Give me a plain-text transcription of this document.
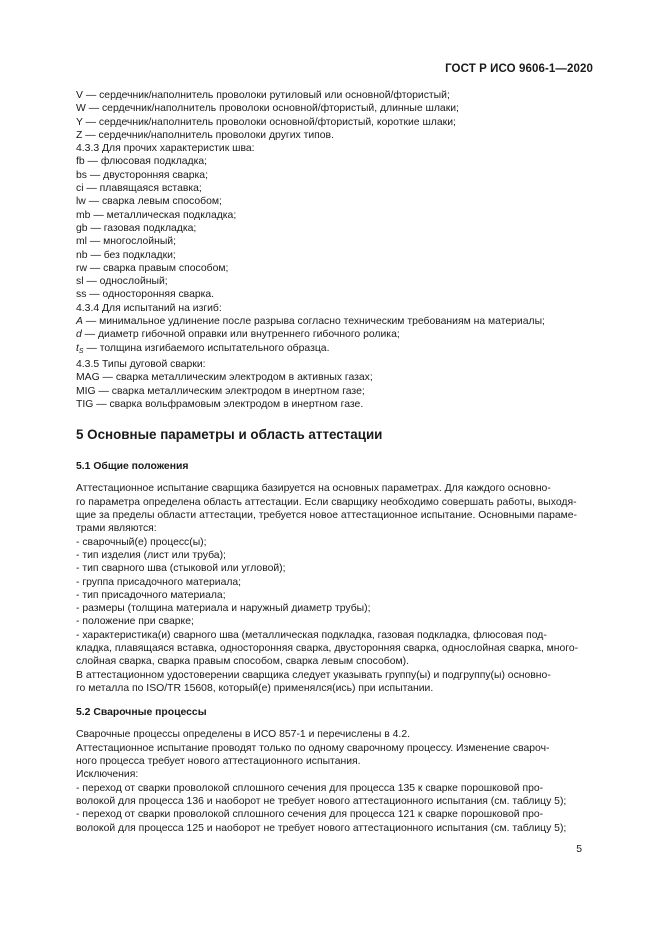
ГОСТ Р ИСО 9606-1—2020
V — сердечник/наполнитель проволоки рутиловый или основной/фтористый;
W — сердечник/наполнитель проволоки основной/фтористый, длинные шлаки;
Y — сердечник/наполнитель проволоки основной/фтористый, короткие шлаки;
Z — сердечник/наполнитель проволоки других типов.
4.3.3 Для прочих характеристик шва:
fb — флюсовая подкладка;
bs — двусторонняя сварка;
ci — плавящаяся вставка;
lw — сварка левым способом;
mb — металлическая подкладка;
gb — газовая подкладка;
ml — многослойный;
nb — без подкладки;
rw — сварка правым способом;
sl — однослойный;
ss — односторонняя сварка.
4.3.4 Для испытаний на изгиб:
A — минимальное удлинение после разрыва согласно техническим требованиям на материалы;
d — диаметр гибочной оправки или внутреннего гибочного ролика;
$t_S$ — толщина изгибаемого испытательного образца.
4.3.5 Типы дуговой сварки:
MAG — сварка металлическим электродом в активных газах;
MIG — сварка металлическим электродом в инертном газе;
TIG — сварка вольфрамовым электродом в инертном газе.
5 Основные параметры и область аттестации
5.1 Общие положения
Аттестационное испытание сварщика базируется на основных параметрах. Для каждого основно-
го параметра определена область аттестации. Если сварщику необходимо совершать работы, выходя-
щие за пределы области аттестации, требуется новое аттестационное испытание. Основными параме-
трами являются:
- сварочный(е) процесс(ы);
- тип изделия (лист или труба);
- тип сварного шва (стыковой или угловой);
- группа присадочного материала;
- тип присадочного материала;
- размеры (толщина материала и наружный диаметр трубы);
- положение при сварке;
- характеристика(и) сварного шва (металлическая подкладка, газовая подкладка, флюсовая под-
кладка, плавящаяся вставка, односторонняя сварка, двусторонняя сварка, однослойная сварка, много-
слойная сварка, сварка правым способом, сварка левым способом).
В аттестационном удостоверении сварщика следует указывать группу(ы) и подгруппу(ы) основно-
го металла по ISO/TR 15608, который(е) применялся(ись) при испытании.
5.2 Сварочные процессы
Сварочные процессы определены в ИСО 857-1 и перечислены в 4.2.
Аттестационное испытание проводят только по одному сварочному процессу. Изменение свароч-
ного процесса требует нового аттестационного испытания.
Исключения:
- переход от сварки проволокой сплошного сечения для процесса 135 к сварке порошковой про-
волокой для процесса 136 и наоборот не требует нового аттестационного испытания (см. таблицу 5);
- переход от сварки проволокой сплошного сечения для процесса 121 к сварке порошковой про-
волокой для процесса 125 и наоборот не требует нового аттестационного испытания (см. таблицу 5);
5
